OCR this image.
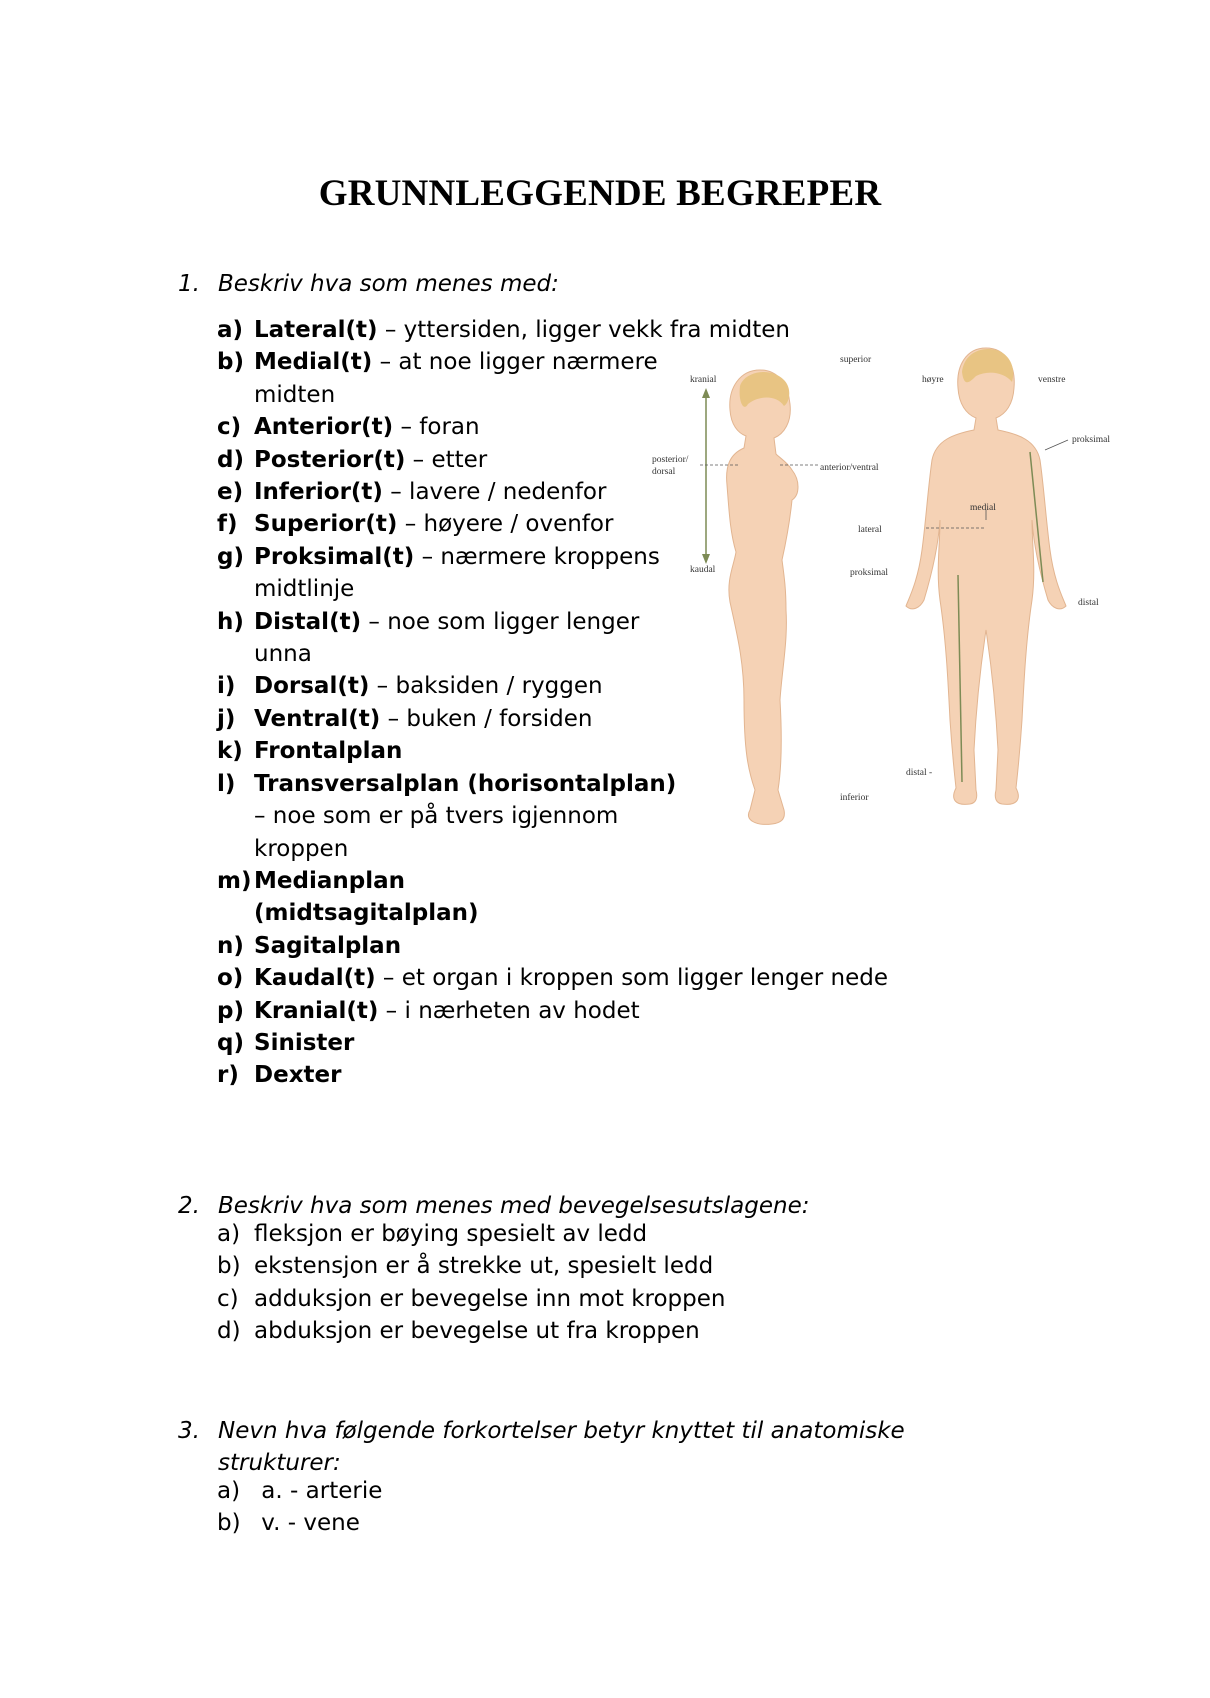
GRUNNLEGGENDE BEGREPER
1. Beskriv hva som menes med:
a) Lateral(t) – yttersiden, ligger vekk fra midten
b) Medial(t) – at noe ligger nærmere midten
c) Anterior(t) – foran
d) Posterior(t) – etter
e) Inferior(t) – lavere / nedenfor
f) Superior(t) – høyere / ovenfor
g) Proksimal(t) – nærmere kroppens midtlinje
h) Distal(t) – noe som ligger lenger unna
i) Dorsal(t) – baksiden / ryggen
j) Ventral(t) – buken / forsiden
k) Frontalplan
l) Transversalplan (horisontalplan) – noe som er på tvers igjennom kroppen
m) Medianplan (midtsagitalplan)
n) Sagitalplan
o) Kaudal(t) – et organ i kroppen som ligger lenger nede
p) Kranial(t) – i nærheten av hodet
q) Sinister
r) Dexter
kranial
superior
høyre	venstre
posterior/
dorsal	anterior/ventral
proksimal
medial
lateral
kaudal	proksimal
distal
distal -
inferior
2. Beskriv hva som menes med bevegelsesutslagene:
a) fleksjon er bøying spesielt av ledd
b) ekstensjon er å strekke ut, spesielt ledd
c) adduksjon er bevegelse inn mot kroppen
d) abduksjon er bevegelse ut fra kroppen
3. Nevn hva følgende forkortelser betyr knyttet til anatomiske
strukturer:
a) a. - arterie
b) v. - vene
